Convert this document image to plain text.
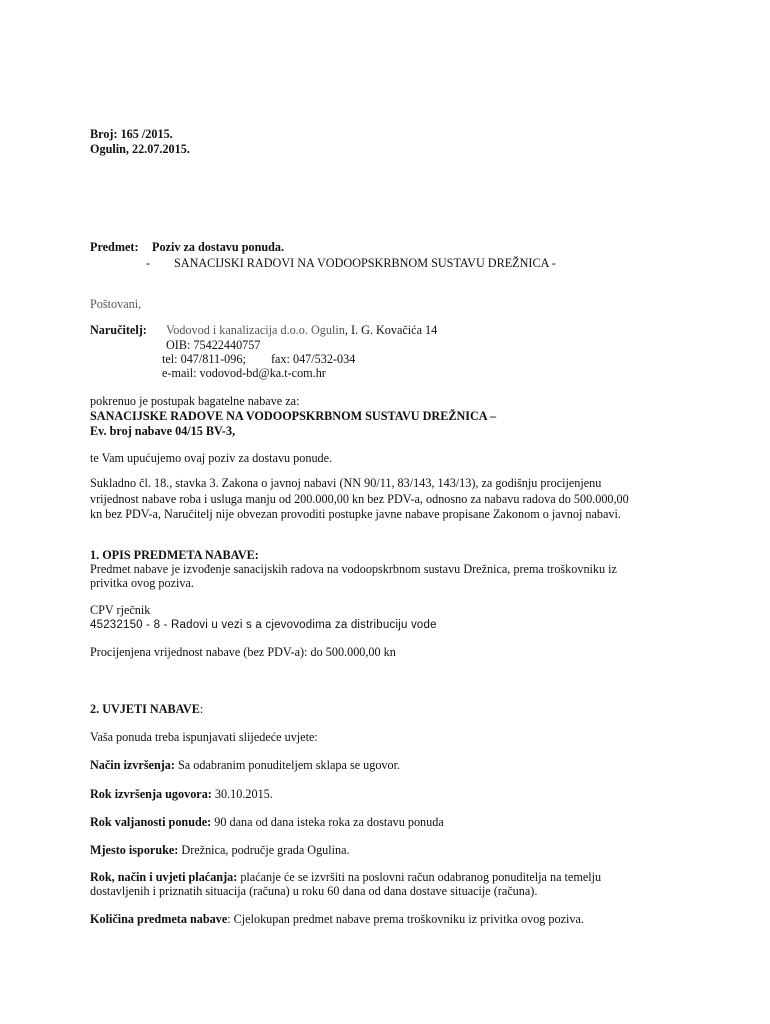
Broj: 165 /2015.
Ogulin, 22.07.2015.
Predmet: Poziv za dostavu ponuda.
- SANACIJSKI RADOVI NA VODOOPSKRBNOM SUSTAVU DREŽNICA -
Poštovani,
Naručitelj: Vodovod i kanalizacija d.o.o. Ogulin, I. G. Kovačića 14
OIB: 75422440757
tel: 047/811-096; fax: 047/532-034
e-mail: vodovod-bd@ka.t-com.hr
pokrenuo je postupak bagatelne nabave za:
SANACIJSKE RADOVE NA VODOOPSKRBNOM SUSTAVU DREŽNICA –
Ev. broj nabave 04/15 BV-3,
te Vam upućujemo ovaj poziv za dostavu ponude.
Sukladno čl. 18., stavka 3. Zakona o javnoj nabavi (NN 90/11, 83/143, 143/13), za godišnju procijenjenu
vrijednost nabave roba i usluga manju od 200.000,00 kn bez PDV-a, odnosno za nabavu radova do 500.000,00
kn bez PDV-a, Naručitelj nije obvezan provoditi postupke javne nabave propisane Zakonom o javnoj nabavi.
1. OPIS PREDMETA NABAVE:
Predmet nabave je izvođenje sanacijskih radova na vodoopskrbnom sustavu Drežnica, prema troškovniku iz
privitka ovog poziva.
CPV rječnik
45232150 - 8 - Radovi u vezi s a cjevovodima za distribuciju vode
Procijenjena vrijednost nabave (bez PDV-a): do 500.000,00 kn
2. UVJETI NABAVE:
Vaša ponuda treba ispunjavati slijedeće uvjete:
Način izvršenja: Sa odabranim ponuditeljem sklapa se ugovor.
Rok izvršenja ugovora: 30.10.2015.
Rok valjanosti ponude: 90 dana od dana isteka roka za dostavu ponuda
Mjesto isporuke: Drežnica, područje grada Ogulina.
Rok, način i uvjeti plaćanja: plaćanje će se izvršiti na poslovni račun odabranog ponuditelja na temelju
dostavljenih i priznatih situacija (računa) u roku 60 dana od dana dostave situacije (računa).
Količina predmeta nabave: Cjelokupan predmet nabave prema troškovniku iz privitka ovog poziva.
